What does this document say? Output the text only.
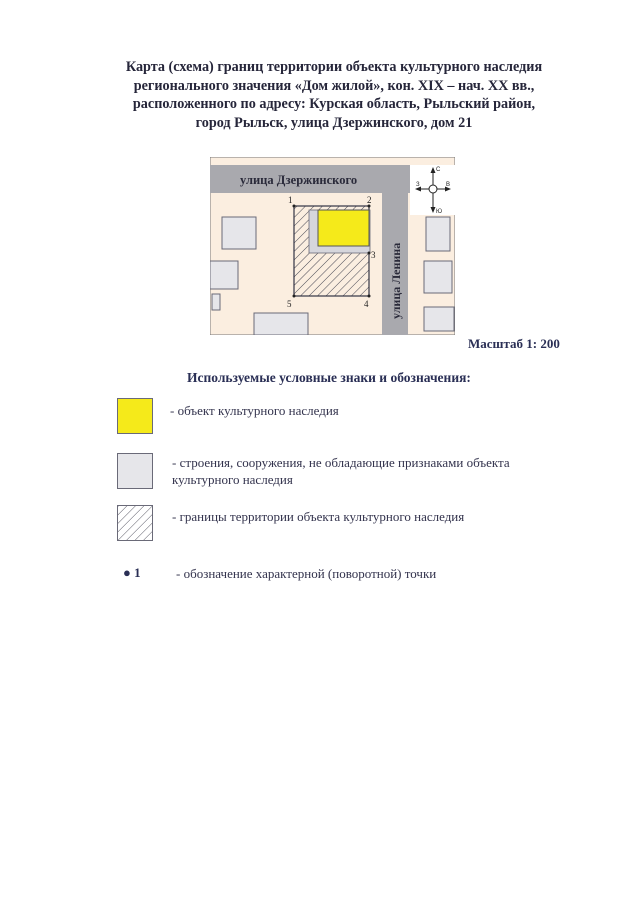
Карта (схема) границ территории объекта культурного наследия
регионального значения «Дом жилой», кон. XIX – нач. XX вв.,
расположенного по адресу: Курская область, Рыльский район,
город Рыльск, улица Дзержинского, дом 21
1	2
3
4
5
улица Дзержинского
улица Ленина
С
З	В
Ю
Масштаб 1: 200
Используемые условные знаки и обозначения:
- объект культурного наследия
- строения, сооружения, не обладающие признаками объекта культурного наследия
- границы территории объекта культурного наследия
● 1	- обозначение характерной (поворотной) точки
